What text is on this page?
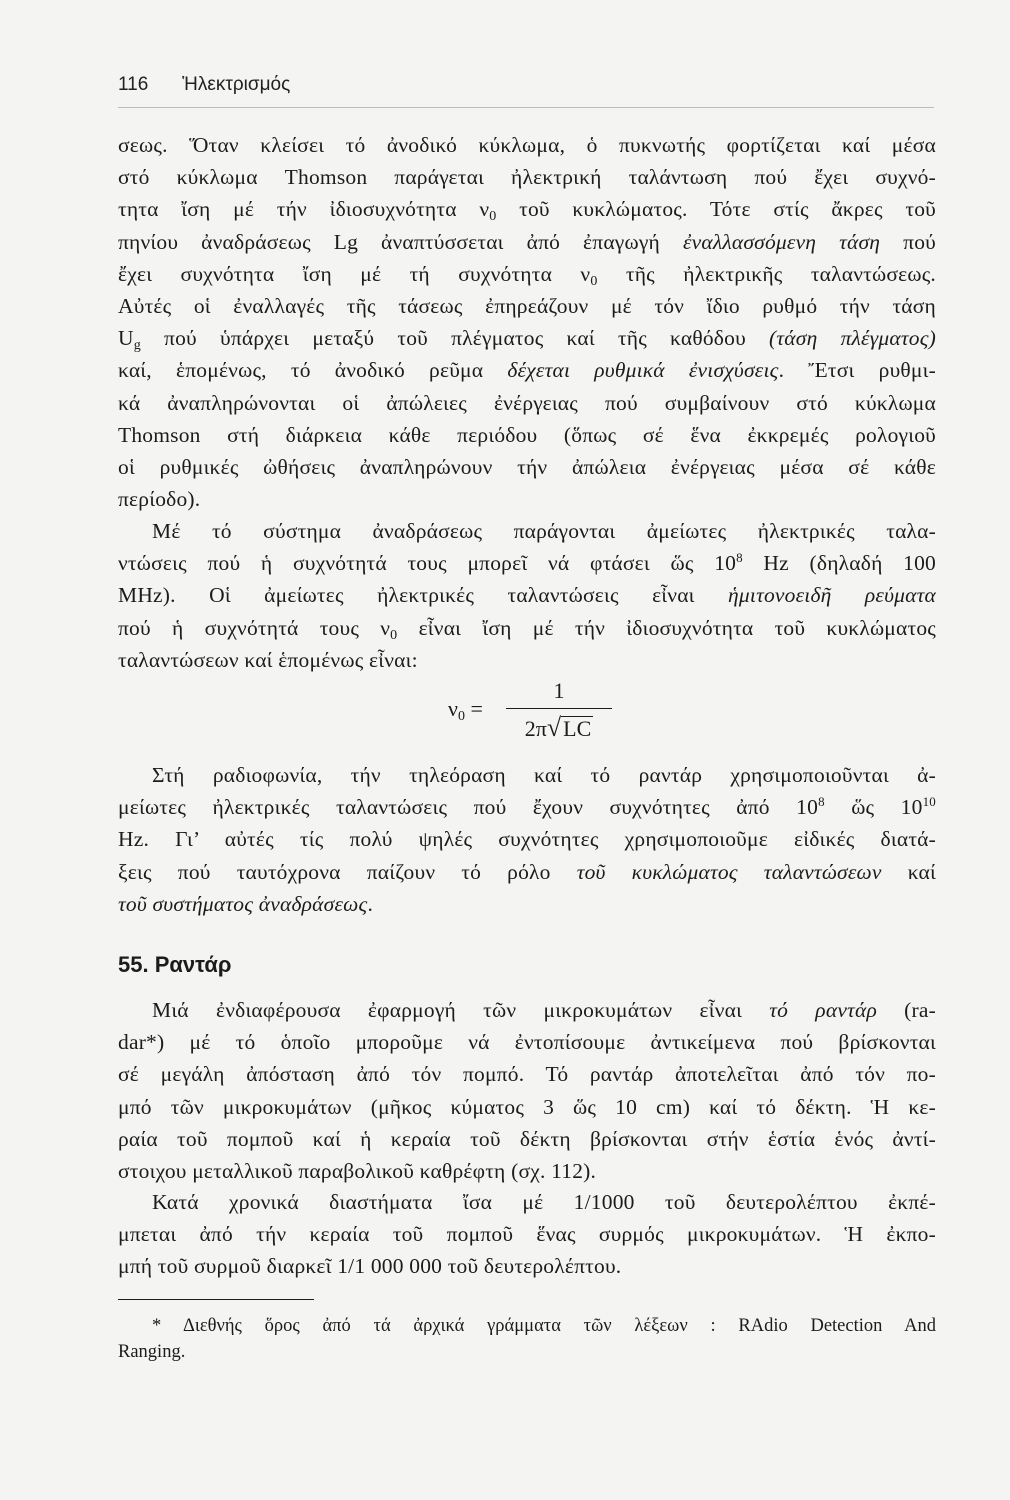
116 Ἡλεκτρισμός
σεως. Ὅταν κλείσει τό ἀνοδικό κύκλωμα, ὁ πυκνωτής φορτίζεται καί μέσα
στό κύκλωμα Thomson παράγεται ἠλεκτρική ταλάντωση πού ἔχει συχνό-
τητα ἴση μέ τήν ἰδιοσυχνότητα $\nu_0$ τοῦ κυκλώματος. Τότε στίς ἄκρες τοῦ
πηνίου ἀναδράσεως Lg ἀναπτύσσεται ἀπό ἐπαγωγή ἐναλλασσόμενη τάση πού
ἔχει συχνότητα ἴση μέ τή συχνότητα $\nu_0$ τῆς ἠλεκτρικῆς ταλαντώσεως.
Αὐτές οἱ ἐναλλαγές τῆς τάσεως ἐπηρεάζουν μέ τόν ἴδιο ρυθμό τήν τάση
$U_g$ πού ὑπάρχει μεταξύ τοῦ πλέγματος καί τῆς καθόδου (τάση πλέγματος)
καί, ἑπομένως, τό ἀνοδικό ρεῦμα δέχεται ρυθμικά ἐνισχύσεις. Ἔτσι ρυθμι-
κά ἀναπληρώνονται οἱ ἀπώλειες ἐνέργειας πού συμβαίνουν στό κύκλωμα
Thomson στή διάρκεια κάθε περιόδου (ὅπως σέ ἕνα ἐκκρεμές ρολογιοῦ
οἱ ρυθμικές ὠθήσεις ἀναπληρώνουν τήν ἀπώλεια ἐνέργειας μέσα σέ κάθε
περίοδο).
Μέ τό σύστημα ἀναδράσεως παράγονται ἀμείωτες ἠλεκτρικές ταλα-
ντώσεις πού ἡ συχνότητά τους μπορεῖ νά φτάσει ὥς $10^8$ Hz (δηλαδή 100
MHz). Οἱ ἀμείωτες ἠλεκτρικές ταλαντώσεις εἶναι ἡμιτονοειδῆ ρεύματα
πού ἡ συχνότητά τους $\nu_0$ εἶναι ἴση μέ τήν ἰδιοσυχνότητα τοῦ κυκλώματος
ταλαντώσεων καί ἑπομένως εἶναι:
$\nu_0$ =
1
2π√LC
Στή ραδιοφωνία, τήν τηλεόραση καί τό ραντάρ χρησιμοποιοῦνται ἀ-
μείωτες ἠλεκτρικές ταλαντώσεις πού ἔχουν συχνότητες ἀπό $10^8$ ὥς $10^{10}$
Hz. Γι’ αὐτές τίς πολύ ψηλές συχνότητες χρησιμοποιοῦμε εἰδικές διατά-
ξεις πού ταυτόχρονα παίζουν τό ρόλο τοῦ κυκλώματος ταλαντώσεων καί
τοῦ συστήματος ἀναδράσεως.
55. Ραντάρ
Μιά ἐνδιαφέρουσα ἐφαρμογή τῶν μικροκυμάτων εἶναι τό ραντάρ (ra-
dar*) μέ τό ὁποῖο μποροῦμε νά ἐντοπίσουμε ἀντικείμενα πού βρίσκονται
σέ μεγάλη ἀπόσταση ἀπό τόν πομπό. Τό ραντάρ ἀποτελεῖται ἀπό τόν πο-
μπό τῶν μικροκυμάτων (μῆκος κύματος 3 ὥς 10 cm) καί τό δέκτη. Ἡ κε-
ραία τοῦ πομποῦ καί ἡ κεραία τοῦ δέκτη βρίσκονται στήν ἑστία ἑνός ἀντί-
στοιχου μεταλλικοῦ παραβολικοῦ καθρέφτη (σχ. 112).
Κατά χρονικά διαστήματα ἴσα μέ 1/1000 τοῦ δευτερολέπτου ἐκπέ-
μπεται ἀπό τήν κεραία τοῦ πομποῦ ἕνας συρμός μικροκυμάτων. Ἡ ἐκπο-
μπή τοῦ συρμοῦ διαρκεῖ 1/1 000 000 τοῦ δευτερολέπτου.
* Διεθνής ὅρος ἀπό τά ἀρχικά γράμματα τῶν λέξεων : RAdio Detection And
Ranging.
